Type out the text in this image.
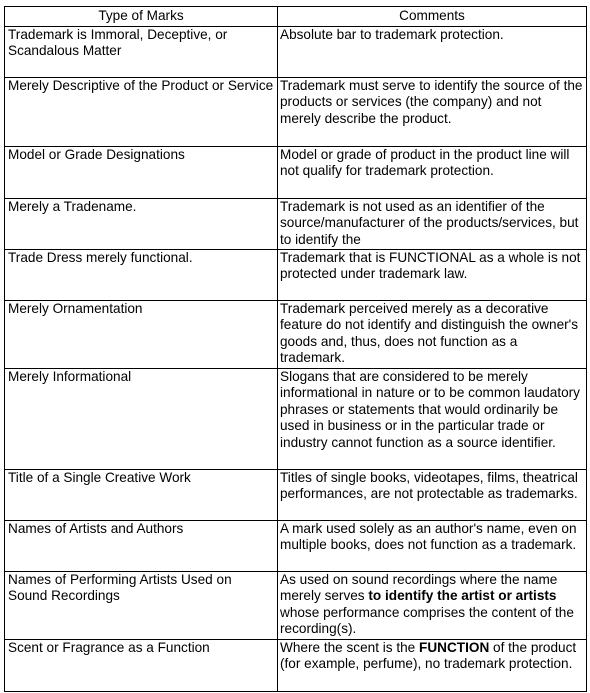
Type of Marks	Comments
Trademark is Immoral, Deceptive, or Scandalous Matter	Absolute bar to trademark protection.
Merely Descriptive of the Product or Service	Trademark must serve to identify the source of the products or services (the company) and not merely describe the product.
Model or Grade Designations	Model or grade of product in the product line will not qualify for trademark protection.
Merely a Tradename.	Trademark is not used as an identifier of the source/manufacturer of the products/services, but to identify the
Trade Dress merely functional.	Trademark that is FUNCTIONAL as a whole is not protected under trademark law.
Merely Ornamentation	Trademark perceived merely as a decorative feature do not identify and distinguish the owner's goods and, thus, does not function as a trademark.
Merely Informational	Slogans that are considered to be merely informational in nature or to be common laudatory phrases or statements that would ordinarily be used in business or in the particular trade or industry cannot function as a source identifier.
Title of a Single Creative Work	Titles of single books, videotapes, films, theatrical performances, are not protectable as trademarks.
Names of Artists and Authors	A mark used solely as an author's name, even on multiple books, does not function as a trademark.
Names of Performing Artists Used on Sound Recordings	As used on sound recordings where the name merely serves to identify the artist or artists whose performance comprises the content of the recording(s).
Scent or Fragrance as a Function	Where the scent is the FUNCTION of the product (for example, perfume), no trademark protection.
